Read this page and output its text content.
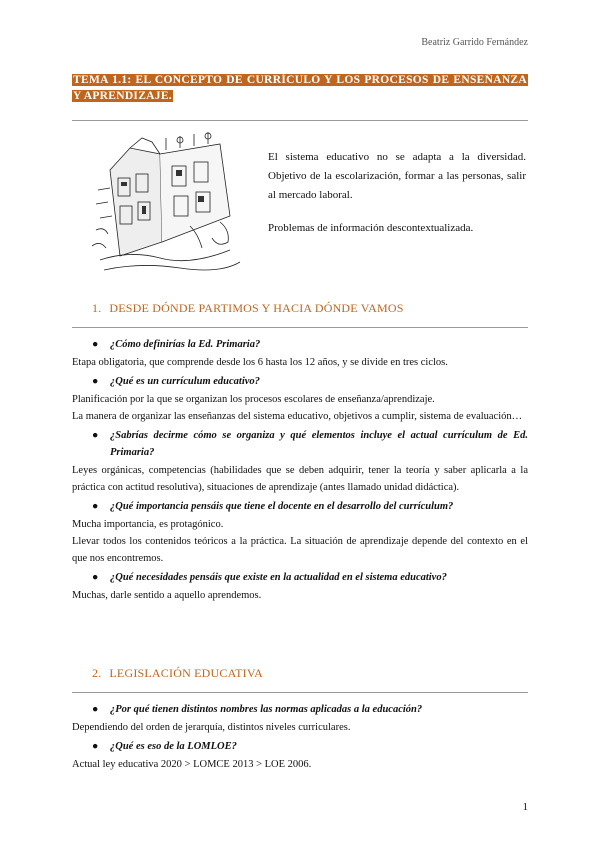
Beatriz Garrido Fernández
TEMA 1.1: EL CONCEPTO DE CURRÍCULO Y LOS PROCESOS DE ENSEÑANZA Y APRENDIZAJE.

El sistema educativo no se adapta a la diversidad. Objetivo de la escolarización, formar a las personas, salir al mercado laboral.

Problemas de información descontextualizada.

1. DESDE DÓNDE PARTIMOS Y HACIA DÓNDE VAMOS

● ¿Cómo definirías la Ed. Primaria?

Etapa obligatoria, que comprende desde los 6 hasta los 12 años, y se divide en tres ciclos.

● ¿Qué es un currículum educativo?

Planificación por la que se organizan los procesos escolares de enseñanza/aprendizaje.

La manera de organizar las enseñanzas del sistema educativo, objetivos a cumplir, sistema de evaluación…

● ¿Sabrías decirme cómo se organiza y qué elementos incluye el actual currículum de Ed. Primaria?

Leyes orgánicas, competencias (habilidades que se deben adquirir, tener la teoría y saber aplicarla a la práctica con actitud resolutiva), situaciones de aprendizaje (antes llamado unidad didáctica).

● ¿Qué importancia pensáis que tiene el docente en el desarrollo del currículum?

Mucha importancia, es protagónico.

Llevar todos los contenidos teóricos a la práctica. La situación de aprendizaje depende del contexto en el que nos encontremos.

● ¿Qué necesidades pensáis que existe en la actualidad en el sistema educativo?

Muchas, darle sentido a aquello aprendemos.

2. LEGISLACIÓN EDUCATIVA

● ¿Por qué tienen distintos nombres las normas aplicadas a la educación?

Dependiendo del orden de jerarquía, distintos niveles curriculares.

● ¿Qué es eso de la LOMLOE?

Actual ley educativa 2020 > LOMCE 2013 > LOE 2006.

1
